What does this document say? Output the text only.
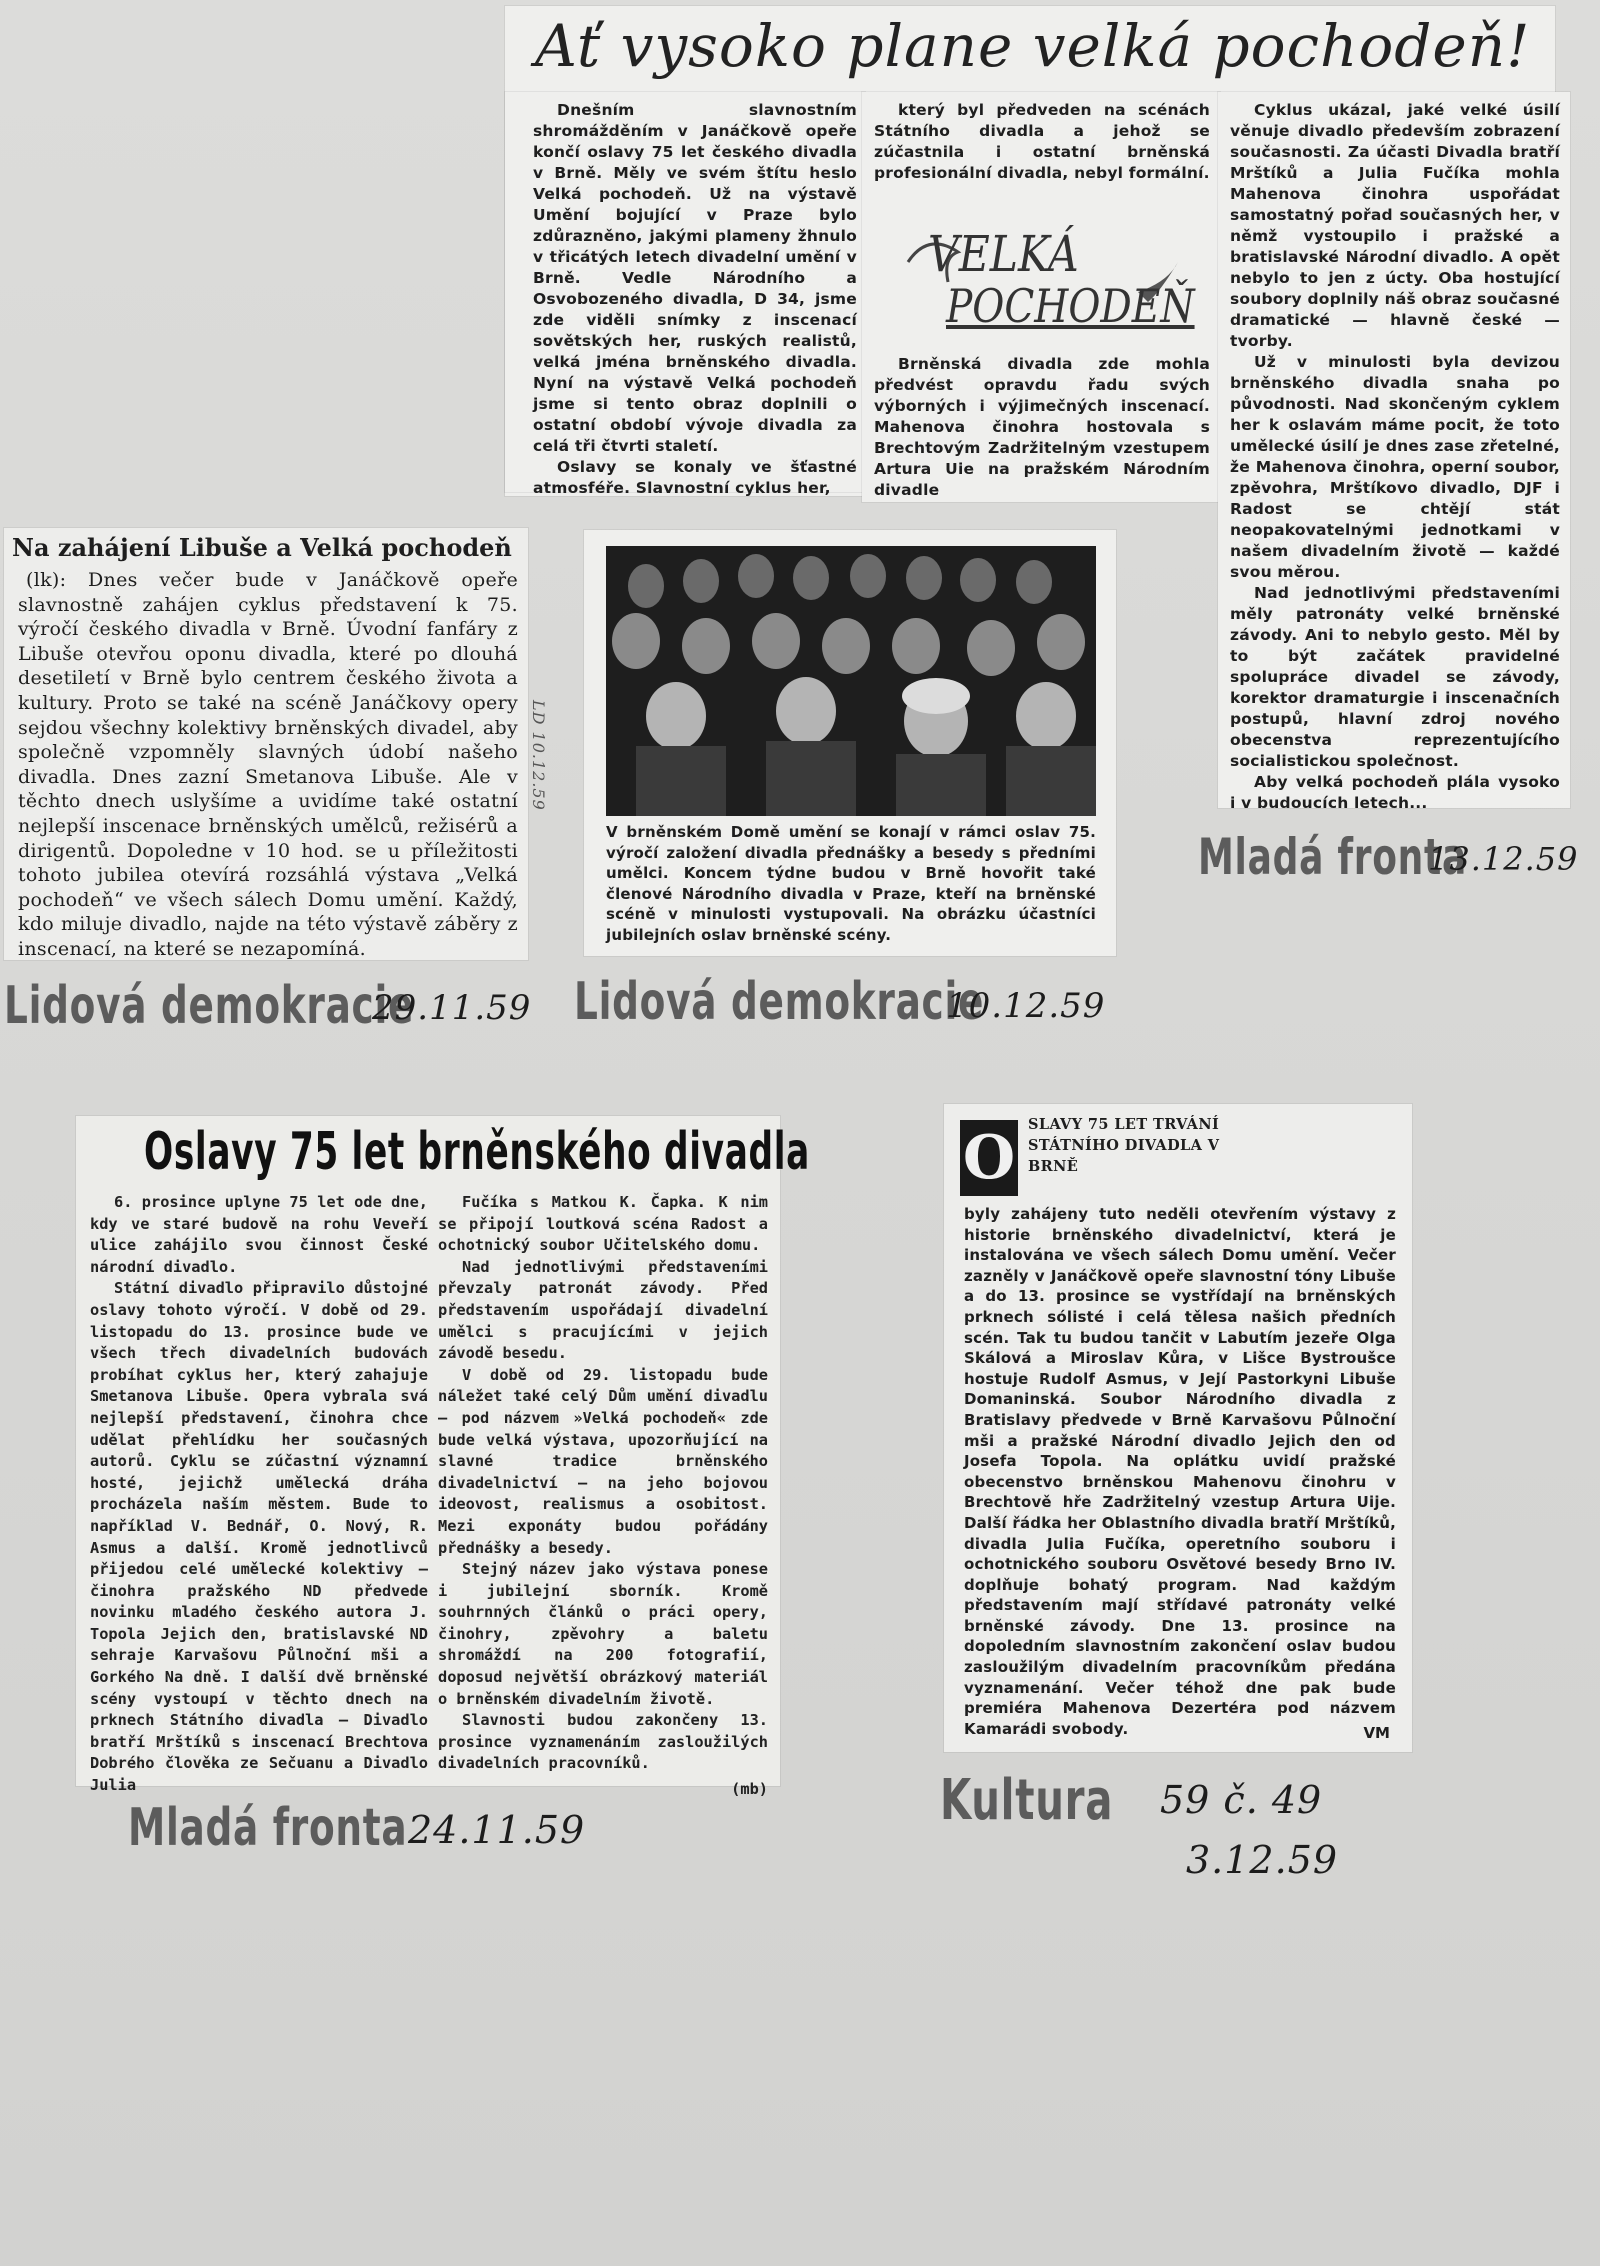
Ať vysoko plane velká pochodeň!
Dnešním slavnostním shromážděním v Janáčkově opeře končí oslavy 75 let českého divadla v Brně. Měly ve svém štítu heslo Velká pochodeň. Už na výstavě Umění bojující v Praze bylo zdůrazněno, jakými plameny žhnulo v třicátých letech divadelní umění v Brně. Vedle Národního a Osvobozeného divadla, D 34, jsme zde viděli snímky z inscenací sovětských her, ruských realistů, velká jména brněnského divadla. Nyní na výstavě Velká pochodeň jsme si tento obraz doplnili o ostatní období vývoje divadla za celá tři čtvrti staletí.
Oslavy se konaly ve šťastné atmosféře. Slavnostní cyklus her,
který byl předveden na scénách Státního divadla a jehož se zúčastnila i ostatní brněnská profesionální divadla, nebyl formální.
VELKÁ
POCHODEŇ
Brněnská divadla zde mohla předvést opravdu řadu svých výborných i výjimečných inscenací. Mahenova činohra hostovala s Brechtovým Zadržitelným vzestupem Artura Uie na pražském Národním divadle
Cyklus ukázal, jaké velké úsilí věnuje divadlo především zobrazení současnosti. Za účasti Divadla bratří Mrštíků a Julia Fučíka mohla Mahenova činohra uspořádat samostatný pořad současných her, v němž vystoupilo i pražské a bratislavské Národní divadlo. A opět nebylo to jen z úcty. Oba hostující soubory doplnily náš obraz současné dramatické — hlavně české — tvorby.
Už v minulosti byla devizou brněnského divadla snaha po původnosti. Nad skončeným cyklem her k oslavám máme pocit, že toto umělecké úsilí je dnes zase zřetelné, že Mahenova činohra, operní soubor, zpěvohra, Mrštíkovo divadlo, DJF i Radost se chtějí stát neopakovatelnými jednotkami v našem divadelním životě — každé svou měrou.
Nad jednotlivými představeními měly patronáty velké brněnské závody. Ani to nebylo gesto. Měl by to být začátek pravidelné spolupráce divadel se závody, korektor dramaturgie i inscenačních postupů, hlavní zdroj nového obecenstva reprezentujícího socialistickou společnost.
Aby velká pochodeň plála vysoko i v budoucích letech...
Mladá fronta
13.12.59
Na zahájení Libuše a Velká pochodeň
(lk): Dnes večer bude v Janáčkově opeře slavnostně zahájen cyklus představení k 75. výročí českého divadla v Brně. Úvodní fanfáry z Libuše otevřou oponu divadla, které po dlouhá desetiletí v Brně bylo centrem českého života a kultury. Proto se také na scéně Janáčkovy opery sejdou všechny kolektivy brněnských divadel, aby společně vzpomněly slavných údobí našeho divadla. Dnes zazní Smetanova Libuše. Ale v těchto dnech uslyšíme a uvidíme také ostatní nejlepší inscenace brněnských umělců, režisérů a dirigentů. Dopoledne v 10 hod. se u příležitosti tohoto jubilea otevírá rozsáhlá výstava „Velká pochodeň“ ve všech sálech Domu umění. Každý, kdo miluje divadlo, najde na této výstavě záběry z inscenací, na které se nezapomíná.
Lidová demokracie
29.11.59
V brněnském Domě umění se konají v rámci oslav 75. výročí založení divadla přednášky a besedy s předními umělci. Koncem týdne budou v Brně hovořit také členové Národního divadla v Praze, kteří na brněnské scéně v minulosti vystupovali. Na obrázku účastníci jubilejních oslav brněnské scény.
LD 10.12.59
Lidová demokracie
10.12.59
Oslavy 75 let brněnského divadla
6. prosince uplyne 75 let ode dne, kdy ve staré budově na rohu Veveří ulice zahájilo svou činnost České národní divadlo.
Státní divadlo připravilo důstojné oslavy tohoto výročí. V době od 29. listopadu do 13. prosince bude ve všech třech divadelních budovách probíhat cyklus her, který zahajuje Smetanova Libuše. Opera vybrala svá nejlepší představení, činohra chce udělat přehlídku her současných autorů. Cyklu se zúčastní významní hosté, jejichž umělecká dráha procházela naším městem. Bude to například V. Bednář, O. Nový, R. Asmus a další. Kromě jednotlivců přijedou celé umělecké kolektivy — činohra pražského ND předvede novinku mladého českého autora J. Topola Jejich den, bratislavské ND sehraje Karvašovu Půlnoční mši a Gorkého Na dně. I další dvě brněnské scény vystoupí v těchto dnech na prknech Státního divadla — Divadlo bratří Mrštíků s inscenací Brechtova Dobrého člověka ze Sečuanu a Divadlo Julia
Fučíka s Matkou K. Čapka. K nim se připojí loutková scéna Radost a ochotnický soubor Učitelského domu.
Nad jednotlivými představeními převzaly patronát závody. Před představením uspořádají divadelní umělci s pracujícími v jejich závodě besedu.
V době od 29. listopadu bude náležet také celý Dům umění divadlu — pod názvem »Velká pochodeň« zde bude velká výstava, upozorňující na slavné tradice brněnského divadelnictví — na jeho bojovou ideovost, realismus a osobitost. Mezi exponáty budou pořádány přednášky a besedy.
Stejný název jako výstava ponese i jubilejní sborník. Kromě souhrnných článků o práci opery, činohry, zpěvohry a baletu shromáždí na 200 fotografií, doposud největší obrázkový materiál o brněnském divadelním životě.
Slavnosti budou zakončeny 13. prosince vyznamenáním zasloužilých divadelních pracovníků.
(mb)
Mladá fronta 24.11.59
O SLAVY 75 LET TRVÁNÍ STÁTNÍHO DIVADLA V BRNĚ
byly zahájeny tuto neděli otevřením výstavy z historie brněnského divadelnictví, která je instalována ve všech sálech Domu umění. Večer zazněly v Janáčkově opeře slavnostní tóny Libuše a do 13. prosince se vystřídají na brněnských prknech sólisté i celá tělesa našich předních scén. Tak tu budou tančit v Labutím jezeře Olga Skálová a Miroslav Kůra, v Lišce Bystroušce hostuje Rudolf Asmus, v Její Pastorkyni Libuše Domaninská. Soubor Národního divadla z Bratislavy předvede v Brně Karvašovu Půlnoční mši a pražské Národní divadlo Jejich den od Josefa Topola. Na oplátku uvidí pražské obecenstvo brněnskou Mahenovu činohru v Brechtově hře Zadržitelný vzestup Artura Uije. Další řádka her Oblastního divadla bratří Mrštíků, divadla Julia Fučíka, operetního souboru i ochotnického souboru Osvětové besedy Brno IV. doplňuje bohatý program. Nad každým představením mají střídavé patronáty velké brněnské závody. Dne 13. prosince na dopoledním slavnostním zakončení oslav budou zasloužilým divadelním pracovníkům předána vyznamenání. Večer téhož dne pak bude premiéra Mahenova Dezertéra pod názvem Kamarádi svobody.	VM
Kultura 59 č. 49
3.12.59
